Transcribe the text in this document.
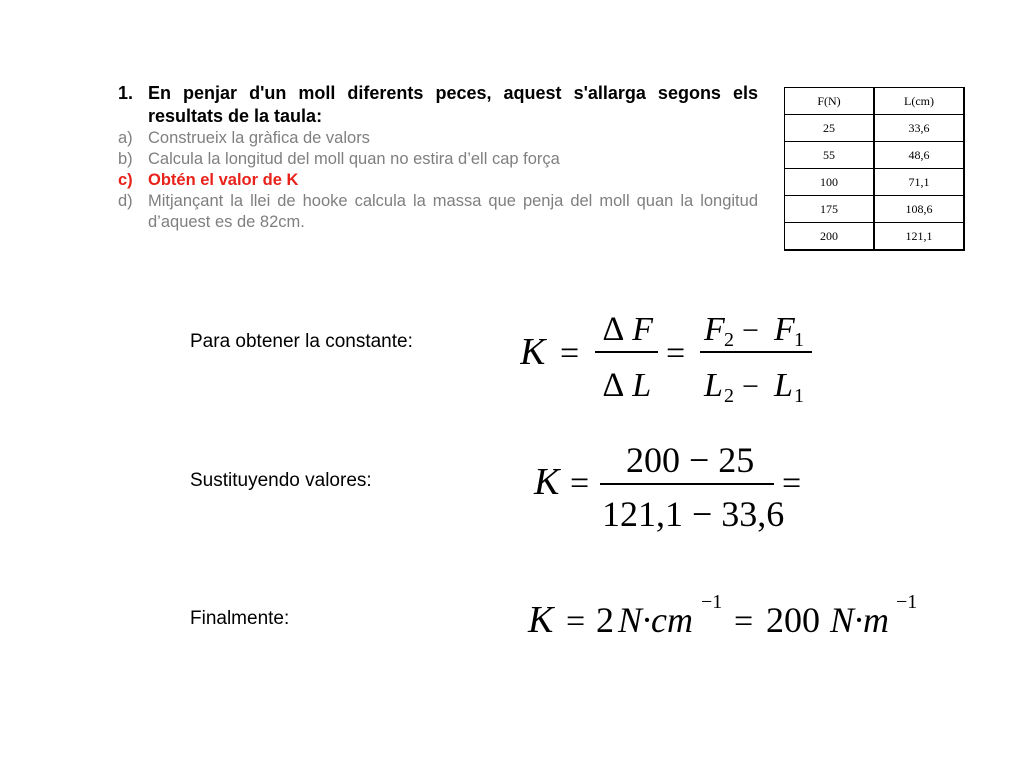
1. En penjar d'un moll diferents peces, aquest s'allarga segons els resultats de la taula:
a) Construeix la gràfica de valors
b) Calcula la longitud del moll quan no estira d’ell cap força
c) Obtén el valor de K
d) Mitjançant la llei de hooke calcula la massa que penja del moll quan la longitud d’aquest es de 82cm.
F(N)	L(cm)
25	33,6
55	48,6
100	71,1
175	108,6
200	121,1
Para obtener la constante:
Sustituyendo valores:
Finalmente:
K =
∆ F
∆ L
=
F 2 − F 1
L 2 − L 1
K =
200 − 25
121,1 − 33,6
=
K = 2 N·cm −1
= 200 N·m −1
